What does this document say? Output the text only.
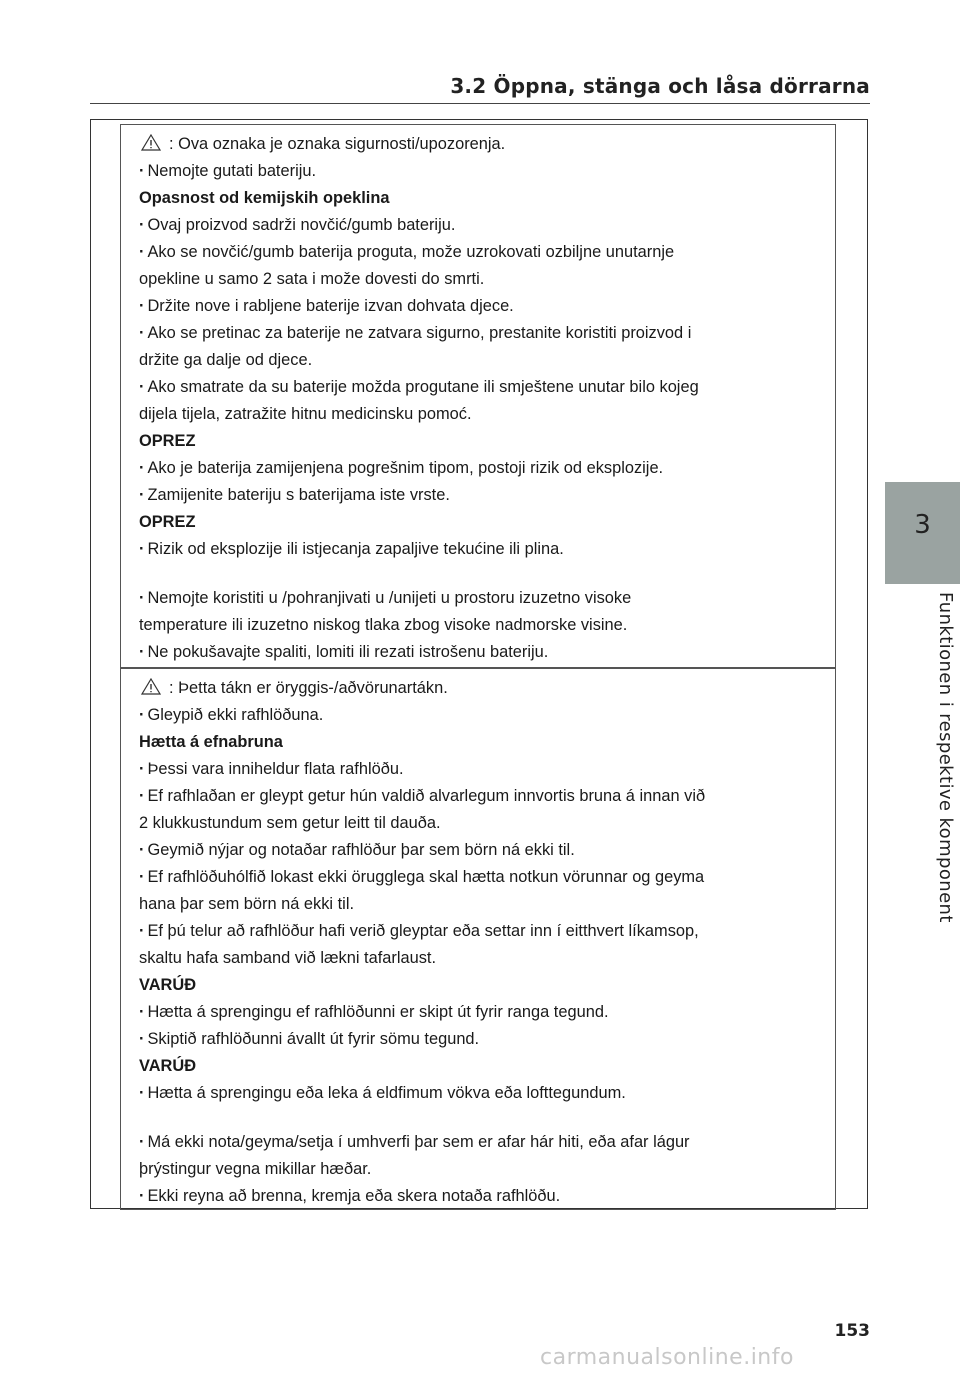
3.2 Öppna, stänga och låsa dörrarna
: Ova oznaka je oznaka sigurnosti/upozorenja.
· Nemojte gutati bateriju.
Opasnost od kemijskih opeklina
· Ovaj proizvod sadrži novčić/gumb bateriju.
· Ako se novčić/gumb baterija proguta, može uzrokovati ozbiljne unutarnje
opekline u samo 2 sata i može dovesti do smrti.
· Držite nove i rabljene baterije izvan dohvata djece.
· Ako se pretinac za baterije ne zatvara sigurno, prestanite koristiti proizvod i
držite ga dalje od djece.
· Ako smatrate da su baterije možda progutane ili smještene unutar bilo kojeg
dijela tijela, zatražite hitnu medicinsku pomoć.
OPREZ
· Ako je baterija zamijenjena pogrešnim tipom, postoji rizik od eksplozije.
· Zamijenite bateriju s baterijama iste vrste.
OPREZ
· Rizik od eksplozije ili istjecanja zapaljive tekućine ili plina.
· Nemojte koristiti u /pohranjivati u /unijeti u prostoru izuzetno visoke
temperature ili izuzetno niskog tlaka zbog visoke nadmorske visine.
· Ne pokušavajte spaliti, lomiti ili rezati istrošenu bateriju.
: Þetta tákn er öryggis-/aðvörunartákn.
· Gleypið ekki rafhlöðuna.
Hætta á efnabruna
· Þessi vara inniheldur flata rafhlöðu.
· Ef rafhlaðan er gleypt getur hún valdið alvarlegum innvortis bruna á innan við
2 klukkustundum sem getur leitt til dauða.
· Geymið nýjar og notaðar rafhlöður þar sem börn ná ekki til.
· Ef rafhlöðuhólfið lokast ekki örugglega skal hætta notkun vörunnar og geyma
hana þar sem börn ná ekki til.
· Ef þú telur að rafhlöður hafi verið gleyptar eða settar inn í eitthvert líkamsop,
skaltu hafa samband við lækni tafarlaust.
VARÚÐ
· Hætta á sprengingu ef rafhlöðunni er skipt út fyrir ranga tegund.
· Skiptið rafhlöðunni ávallt út fyrir sömu tegund.
VARÚÐ
· Hætta á sprengingu eða leka á eldfimum vökva eða lofttegundum.
· Má ekki nota/geyma/setja í umhverfi þar sem er afar hár hiti, eða afar lágur
þrýstingur vegna mikillar hæðar.
· Ekki reyna að brenna, kremja eða skera notaða rafhlöðu.
3
Funktionen i respektive komponent
153
carmanualsonline.info
